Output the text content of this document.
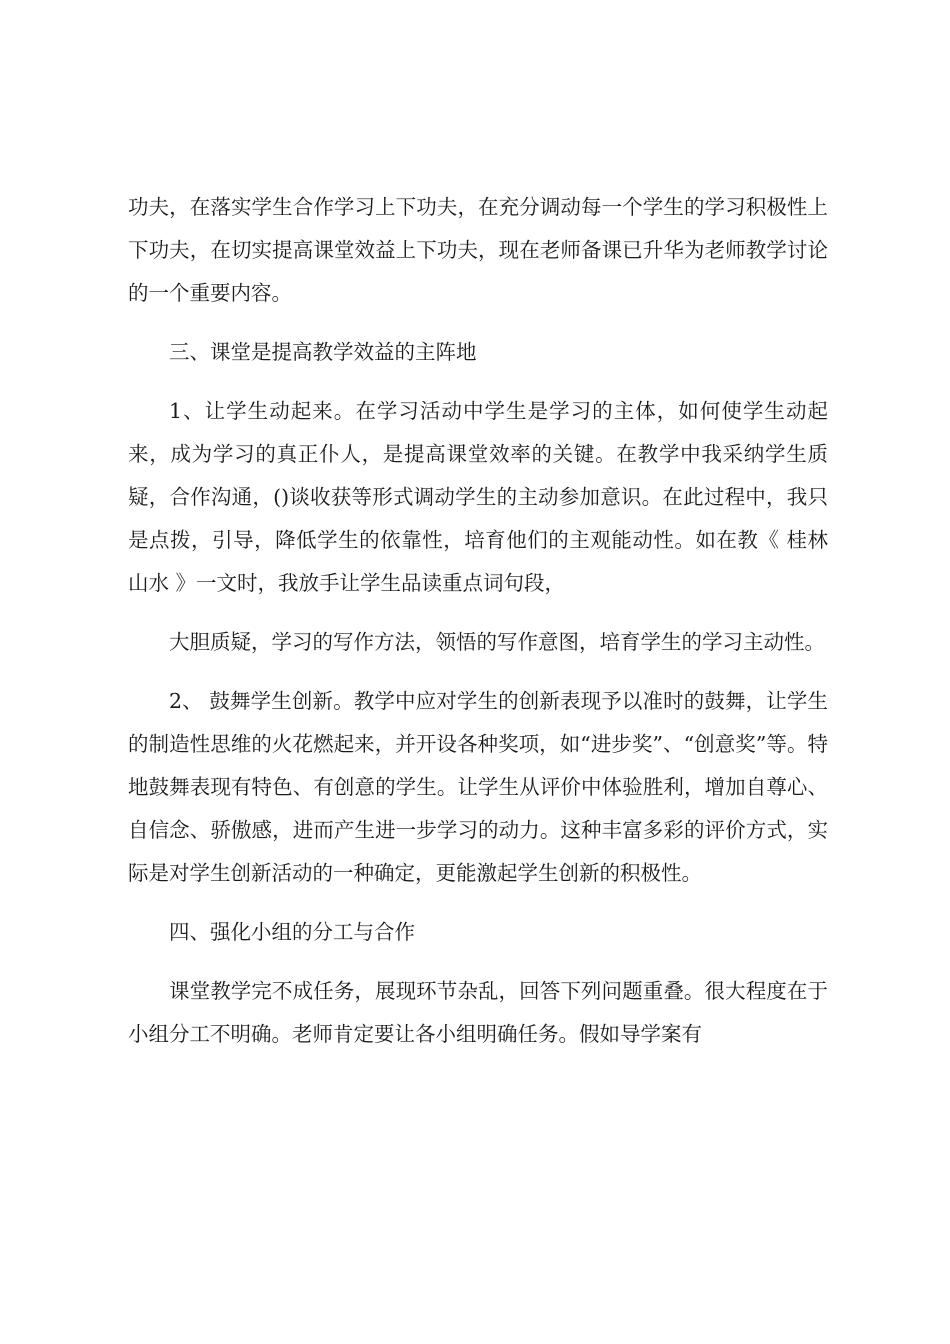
功夫，在落实学生合作学习上下功夫，在充分调动每一个学生的学习积极性上下功夫，在切实提高课堂效益上下功夫，现在老师备课已升华为老师教学讨论的一个重要内容。

三、课堂是提高教学效益的主阵地

1、让学生动起来。在学习活动中学生是学习的主体，如何使学生动起来，成为学习的真正仆人，是提高课堂效率的关键。在教学中我采纳学生质疑，合作沟通，()谈收获等形式调动学生的主动参加意识。在此过程中，我只是点拨，引导，降低学生的依靠性，培育他们的主观能动性。如在教《 桂林山水 》一文时，我放手让学生品读重点词句段，

大胆质疑，学习的写作方法，领悟的写作意图，培育学生的学习主动性。

2、 鼓舞学生创新。教学中应对学生的创新表现予以准时的鼓舞，让学生的制造性思维的火花燃起来，并开设各种奖项，如“进步奖”、“创意奖”等。特地鼓舞表现有特色、有创意的学生。让学生从评价中体验胜利，增加自尊心、自信念、骄傲感，进而产生进一步学习的动力。这种丰富多彩的评价方式，实际是对学生创新活动的一种确定，更能激起学生创新的积极性。

四、强化小组的分工与合作

课堂教学完不成任务，展现环节杂乱，回答下列问题重叠。很大程度在于小组分工不明确。老师肯定要让各小组明确任务。假如导学案有
